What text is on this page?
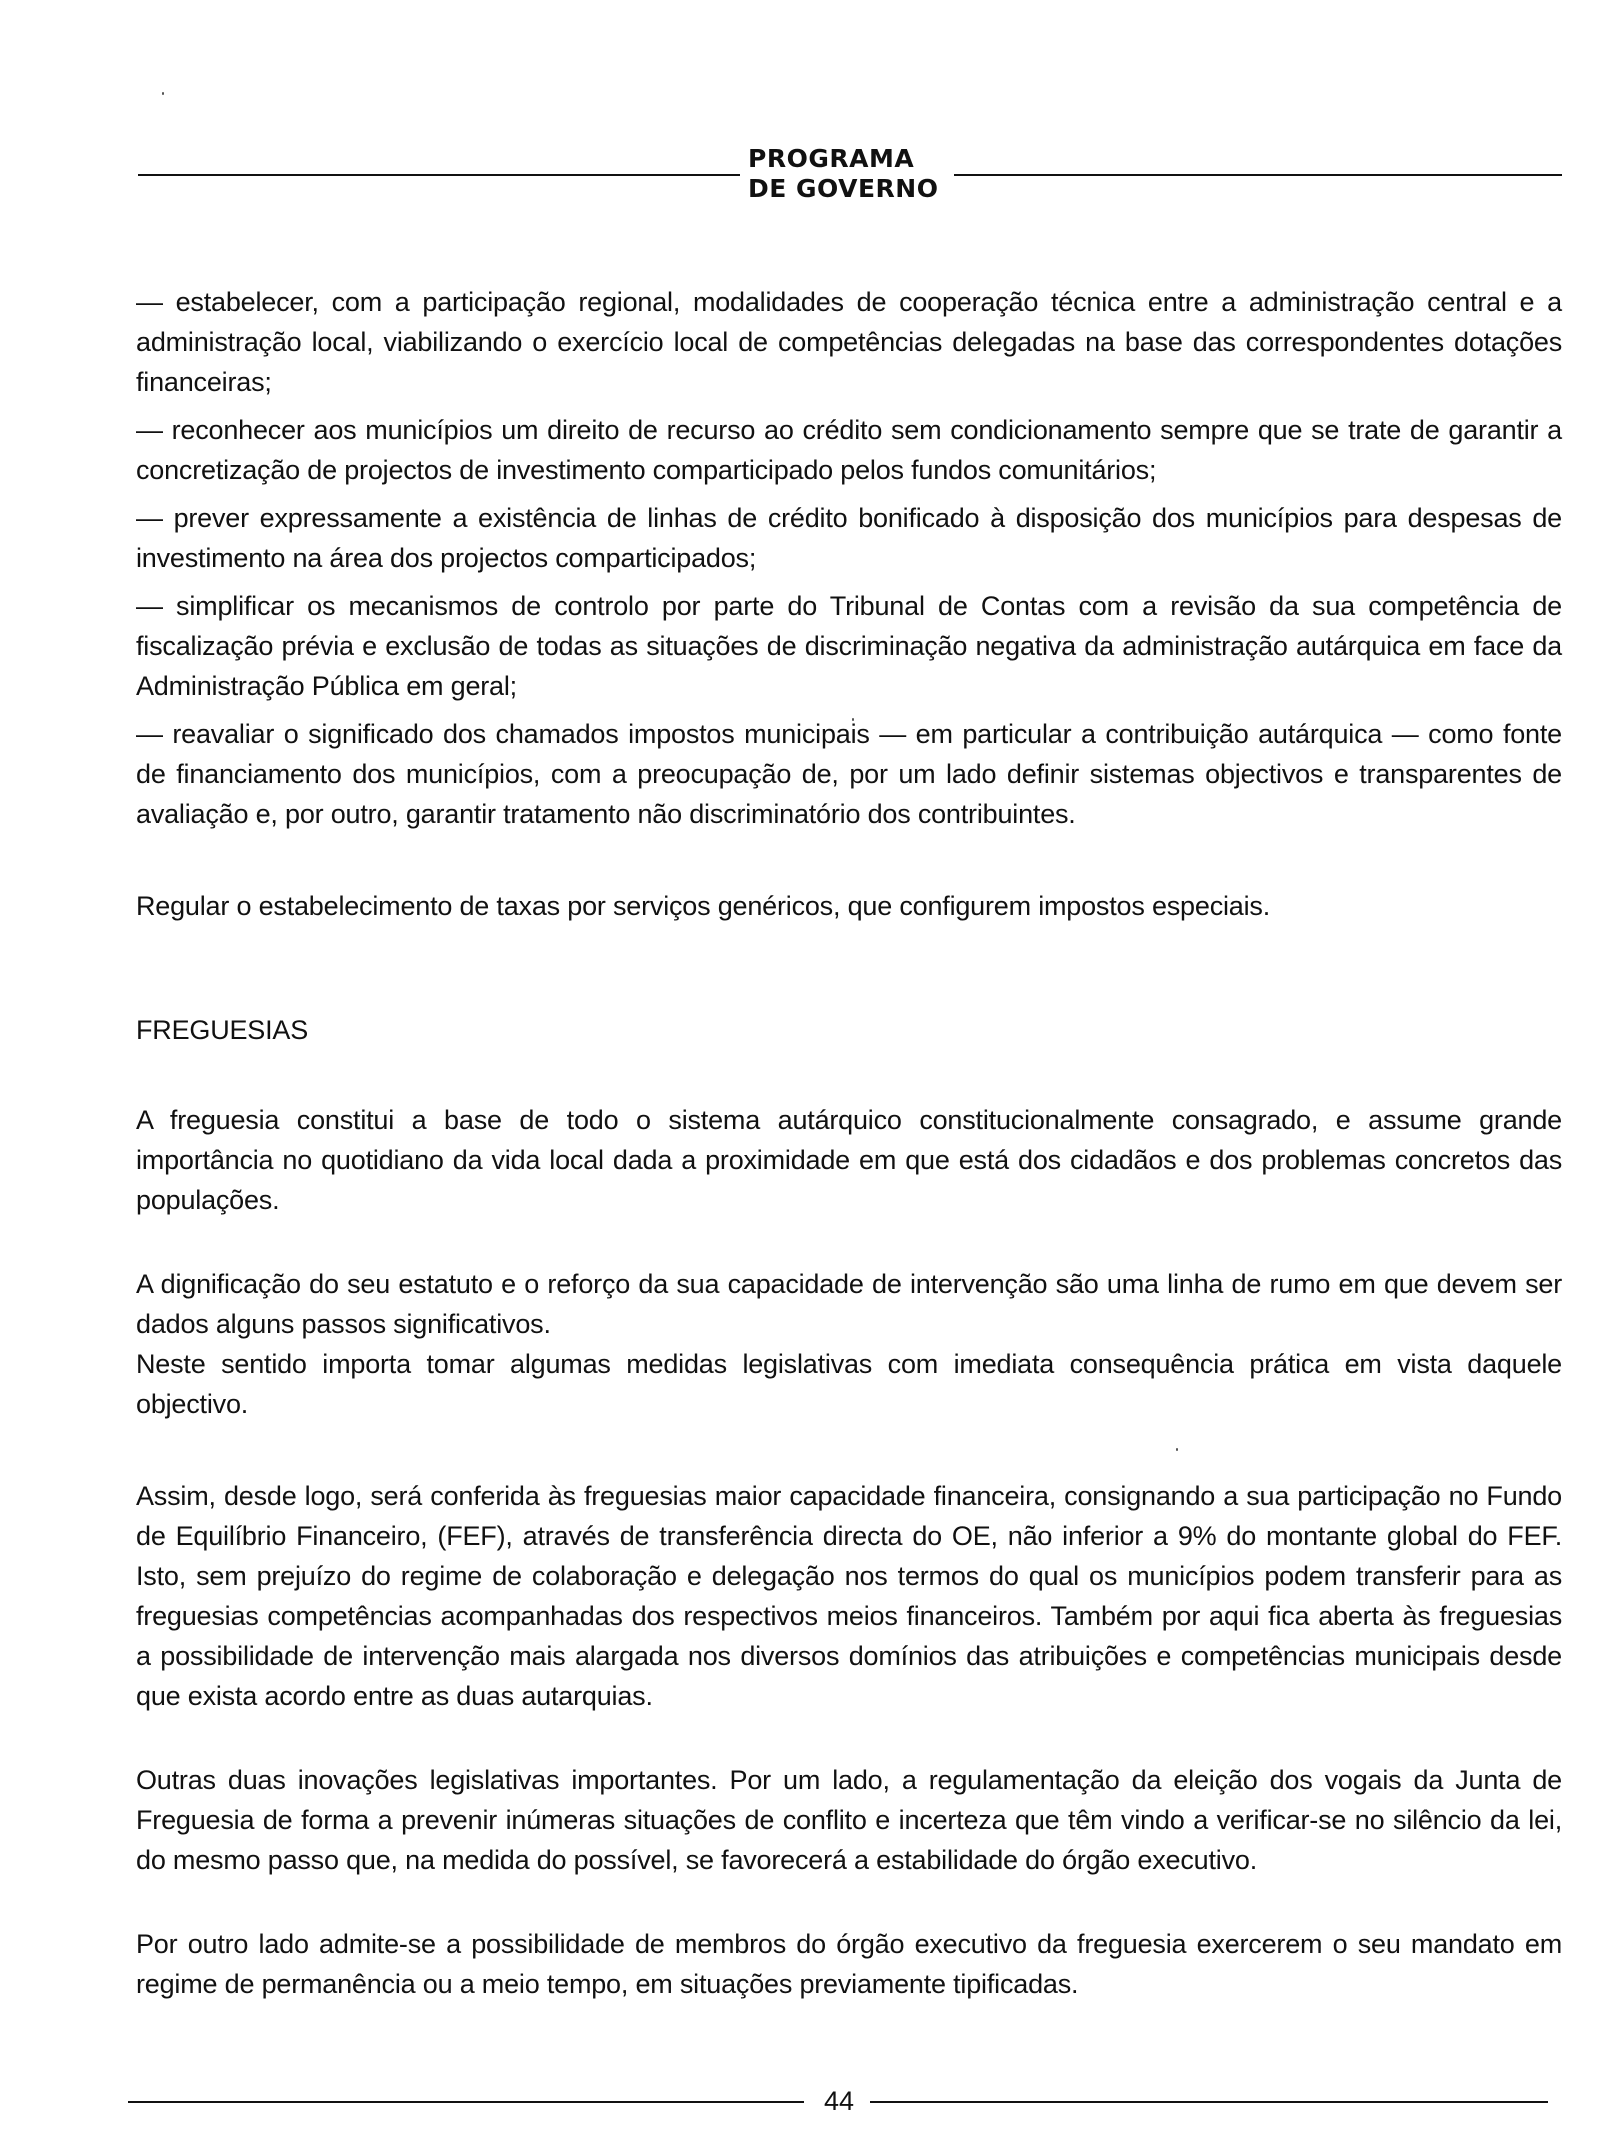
PROGRAMA
DE GOVERNO

— estabelecer, com a participação regional, modalidades de cooperação técnica entre a administração central e a administração local, viabilizando o exercício local de competências delegadas na base das correspondentes dotações financeiras;

— reconhecer aos municípios um direito de recurso ao crédito sem condicionamento sempre que se trate de garantir a concretização de projectos de investimento comparticipado pelos fundos comunitários;

— prever expressamente a existência de linhas de crédito bonificado à disposição dos municípios para despesas de investimento na área dos projectos comparticipados;

— simplificar os mecanismos de controlo por parte do Tribunal de Contas com a revisão da sua competência de fiscalização prévia e exclusão de todas as situações de discriminação negativa da administração autárquica em face da Administração Pública em geral;

— reavaliar o significado dos chamados impostos municipais — em particular a contribuição autárquica — como fonte de financiamento dos municípios, com a preocupação de, por um lado definir sistemas objectivos e transparentes de avaliação e, por outro, garantir tratamento não discriminatório dos contribuintes.

Regular o estabelecimento de taxas por serviços genéricos, que configurem impostos especiais.

FREGUESIAS

A freguesia constitui a base de todo o sistema autárquico constitucionalmente consagrado, e assume grande importância no quotidiano da vida local dada a proximidade em que está dos cidadãos e dos problemas concretos das populações.

A dignificação do seu estatuto e o reforço da sua capacidade de intervenção são uma linha de rumo em que devem ser dados alguns passos significativos.

Neste sentido importa tomar algumas medidas legislativas com imediata consequência prática em vista daquele objectivo.

Assim, desde logo, será conferida às freguesias maior capacidade financeira, consignando a sua participação no Fundo de Equilíbrio Financeiro, (FEF), através de transferência directa do OE, não inferior a 9% do montante global do FEF. Isto, sem prejuízo do regime de colaboração e delegação nos termos do qual os municípios podem transferir para as freguesias competências acompanhadas dos respectivos meios financeiros. Também por aqui fica aberta às freguesias a possibilidade de intervenção mais alargada nos diversos domínios das atribuições e competências municipais desde que exista acordo entre as duas autarquias.

Outras duas inovações legislativas importantes. Por um lado, a regulamentação da eleição dos vogais da Junta de Freguesia de forma a prevenir inúmeras situações de conflito e incerteza que têm vindo a verificar-se no silêncio da lei, do mesmo passo que, na medida do possível, se favorecerá a estabilidade do órgão executivo.

Por outro lado admite-se a possibilidade de membros do órgão executivo da freguesia exercerem o seu mandato em regime de permanência ou a meio tempo, em situações previamente tipificadas.

44
